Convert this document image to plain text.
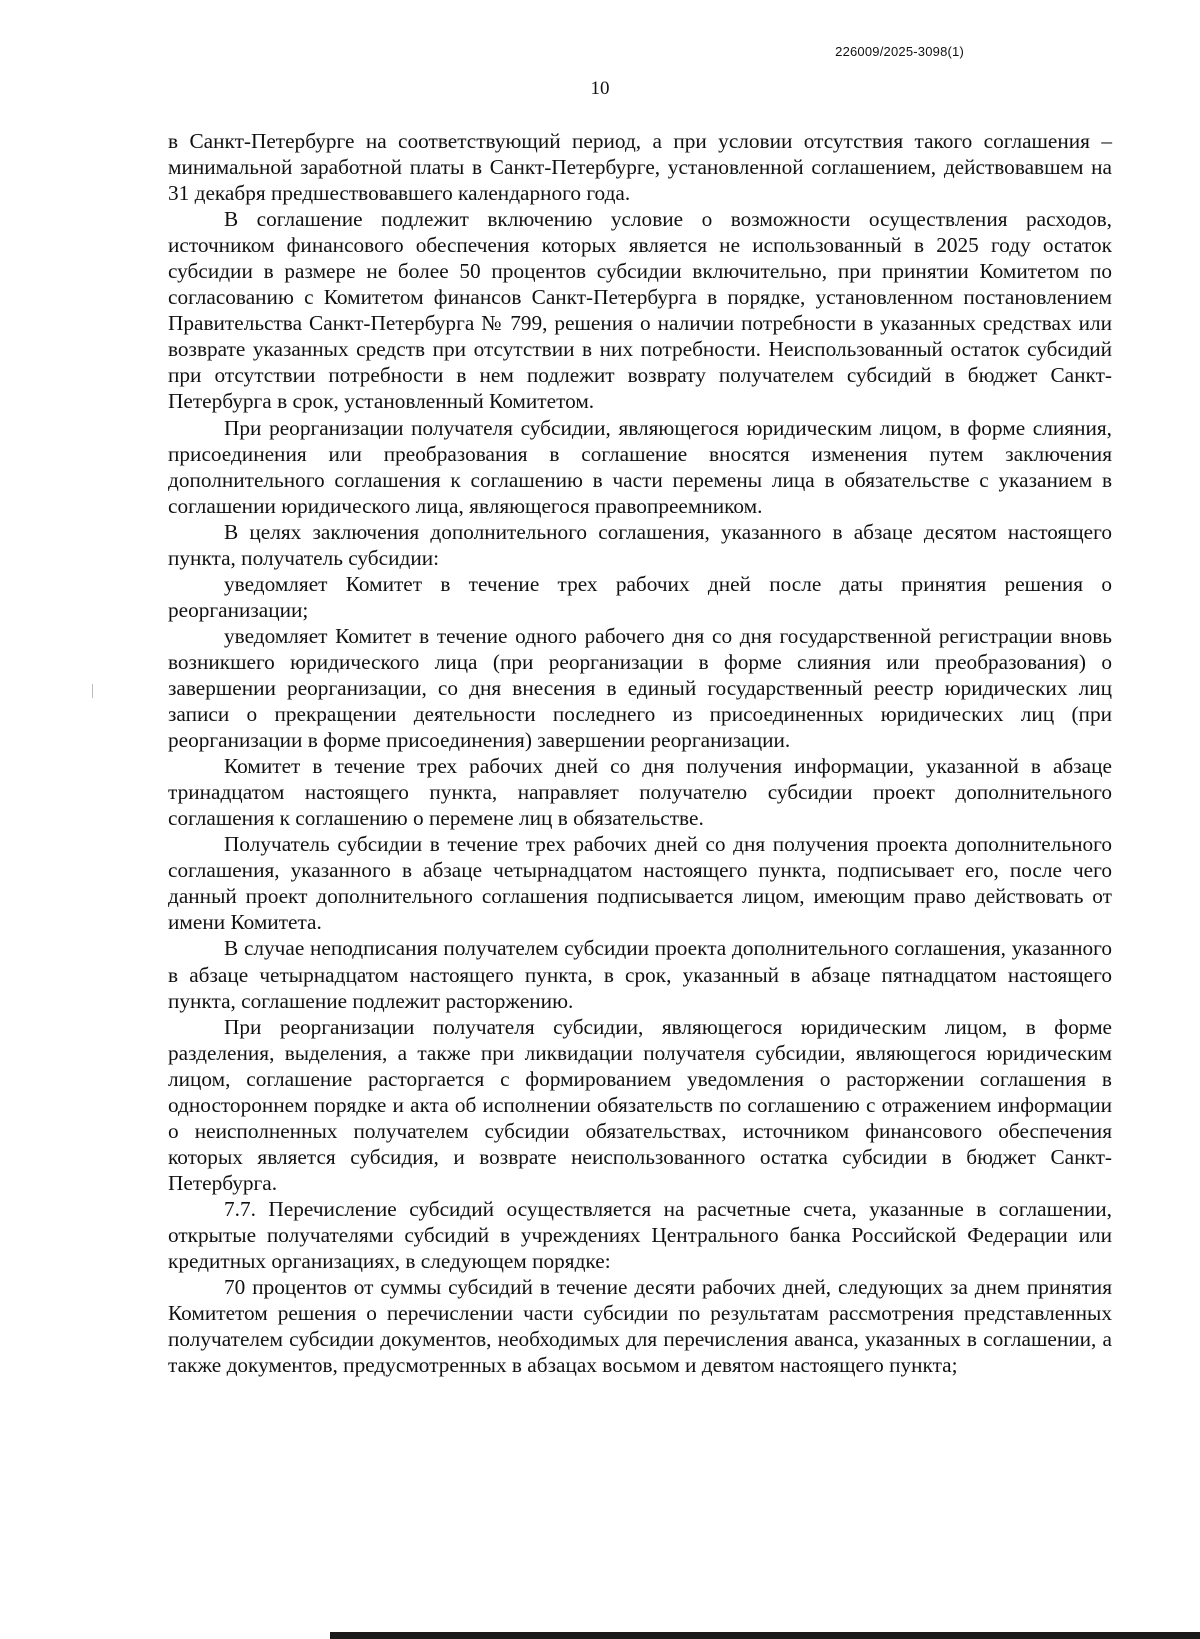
226009/2025-3098(1)
10

в Санкт-Петербурге на соответствующий период, а при условии отсутствия такого соглашения – минимальной заработной платы в Санкт-Петербурге, установленной соглашением, действовавшем на 31 декабря предшествовавшего календарного года.

В соглашение подлежит включению условие о возможности осуществления расходов, источником финансового обеспечения которых является не использованный в 2025 году остаток субсидии в размере не более 50 процентов субсидии включительно, при принятии Комитетом по согласованию с Комитетом финансов Санкт-Петербурга в порядке, установленном постановлением Правительства Санкт-Петербурга № 799, решения о наличии потребности в указанных средствах или возврате указанных средств при отсутствии в них потребности. Неиспользованный остаток субсидий при отсутствии потребности в нем подлежит возврату получателем субсидий в бюджет Санкт-Петербурга в срок, установленный Комитетом.

При реорганизации получателя субсидии, являющегося юридическим лицом, в форме слияния, присоединения или преобразования в соглашение вносятся изменения путем заключения дополнительного соглашения к соглашению в части перемены лица в обязательстве с указанием в соглашении юридического лица, являющегося правопреемником.

В целях заключения дополнительного соглашения, указанного в абзаце десятом настоящего пункта, получатель субсидии:

уведомляет Комитет в течение трех рабочих дней после даты принятия решения о реорганизации;

уведомляет Комитет в течение одного рабочего дня со дня государственной регистрации вновь возникшего юридического лица (при реорганизации в форме слияния или преобразования) о завершении реорганизации, со дня внесения в единый государственный реестр юридических лиц записи о прекращении деятельности последнего из присоединенных юридических лиц (при реорганизации в форме присоединения) завершении реорганизации.

Комитет в течение трех рабочих дней со дня получения информации, указанной в абзаце тринадцатом настоящего пункта, направляет получателю субсидии проект дополнительного соглашения к соглашению о перемене лиц в обязательстве.

Получатель субсидии в течение трех рабочих дней со дня получения проекта дополнительного соглашения, указанного в абзаце четырнадцатом настоящего пункта, подписывает его, после чего данный проект дополнительного соглашения подписывается лицом, имеющим право действовать от имени Комитета.

В случае неподписания получателем субсидии проекта дополнительного соглашения, указанного в абзаце четырнадцатом настоящего пункта, в срок, указанный в абзаце пятнадцатом настоящего пункта, соглашение подлежит расторжению.

При реорганизации получателя субсидии, являющегося юридическим лицом, в форме разделения, выделения, а также при ликвидации получателя субсидии, являющегося юридическим лицом, соглашение расторгается с формированием уведомления о расторжении соглашения в одностороннем порядке и акта об исполнении обязательств по соглашению с отражением информации о неисполненных получателем субсидии обязательствах, источником финансового обеспечения которых является субсидия, и возврате неиспользованного остатка субсидии в бюджет Санкт-Петербурга.

7.7. Перечисление субсидий осуществляется на расчетные счета, указанные в соглашении, открытые получателями субсидий в учреждениях Центрального банка Российской Федерации или кредитных организациях, в следующем порядке:

70 процентов от суммы субсидий в течение десяти рабочих дней, следующих за днем принятия Комитетом решения о перечислении части субсидии по результатам рассмотрения представленных получателем субсидии документов, необходимых для перечисления аванса, указанных в соглашении, а также документов, предусмотренных в абзацах восьмом и девятом настоящего пункта;
